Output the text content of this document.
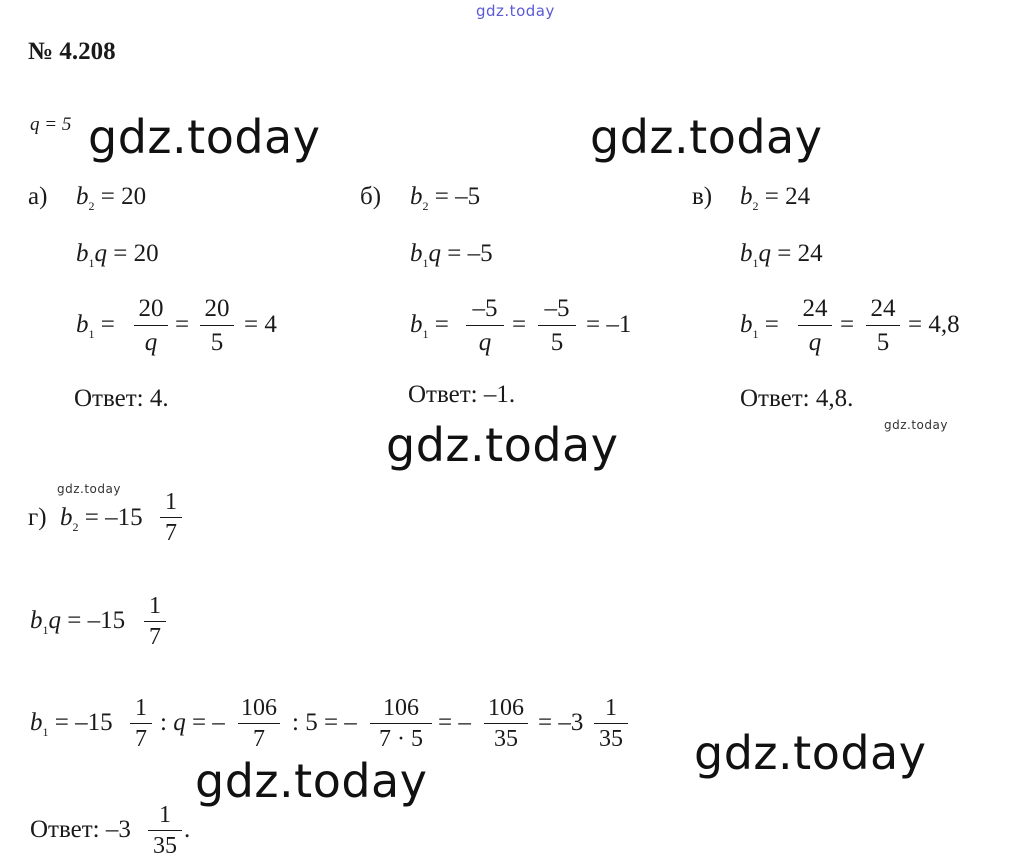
gdz.today
gdz.today	gdz.today
gdz.today	gdz.today
gdz.today
gdz.today
gdz.today
№ 4.208
q = 5
а) $b_2 = 20$
$b_1q = 20$
$b_1$ =
20
q
=
20
5
= 4
Ответ: 4.
б) $b_2 = -5$
$b_1q = -5$
$b_1$ =
–5
q
=
–5
5
= –1
Ответ: –1.
в) $b_2 = 24$
$b_1q = 24$
$b_1$ =
24
q
=
24
5
= 4,8
Ответ: 4,8.
г) $b_2 = -15$
1
7
$b_1q = -15$
1
7
$b_1 = -15$
1
7
: q = –
106
7
: 5 = –
106
7 · 5
= –
106
35
= –3
1
35
Ответ: –3
1
35
.
